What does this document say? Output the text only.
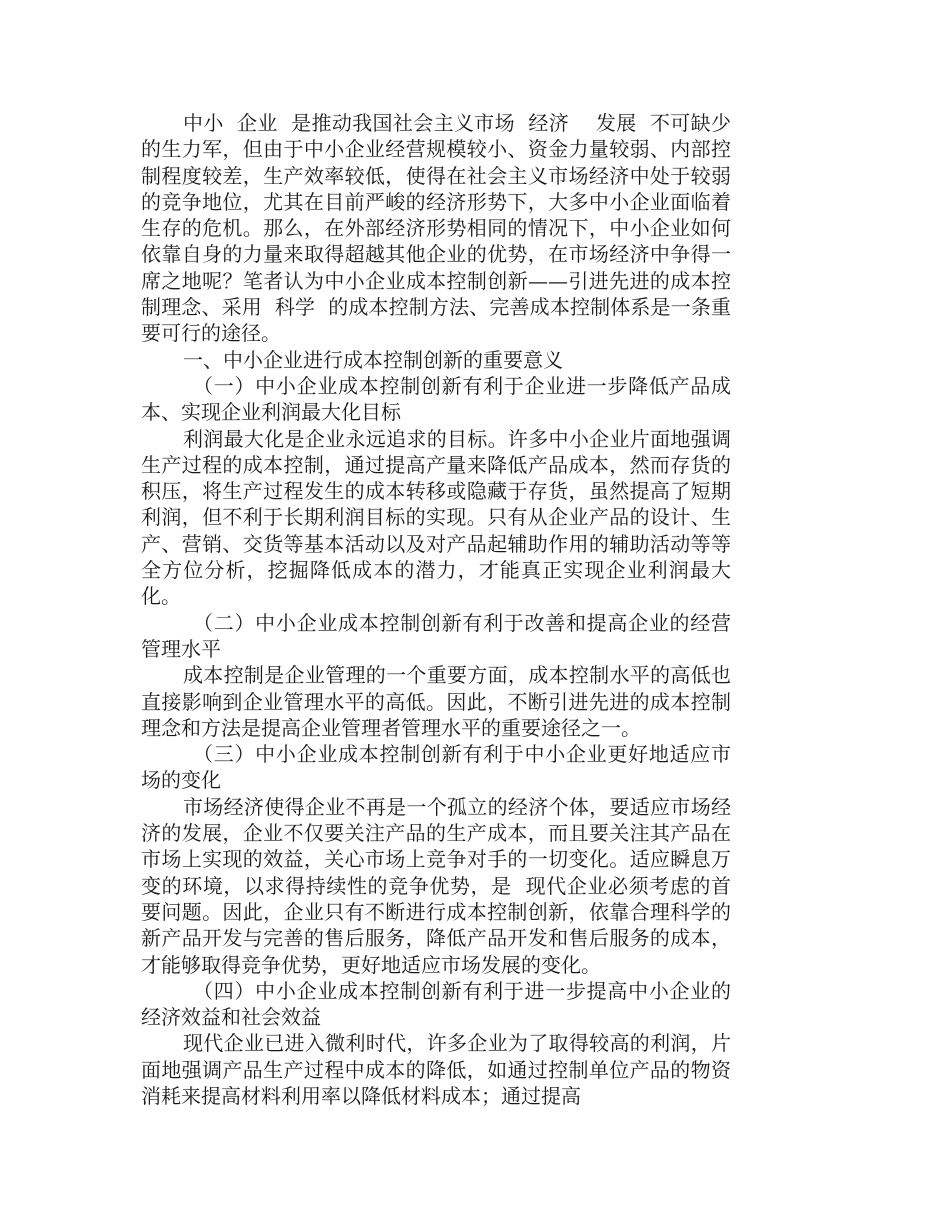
中小  企业  是推动我国社会主义市场  经济    发展  不可缺少的生力军，但由于中小企业经营规模较小、资金力量较弱、内部控制程度较差，生产效率较低，使得在社会主义市场经济中处于较弱的竞争地位，尤其在目前严峻的经济形势下，大多中小企业面临着生存的危机。那么，在外部经济形势相同的情况下，中小企业如何依靠自身的力量来取得超越其他企业的优势，在市场经济中争得一席之地呢？笔者认为中小企业成本控制创新——引进先进的成本控制理念、采用  科学  的成本控制方法、完善成本控制体系是一条重要可行的途径。

一、中小企业进行成本控制创新的重要意义

（一）中小企业成本控制创新有利于企业进一步降低产品成本、实现企业利润最大化目标

利润最大化是企业永远追求的目标。许多中小企业片面地强调生产过程的成本控制，通过提高产量来降低产品成本，然而存货的积压，将生产过程发生的成本转移或隐藏于存货，虽然提高了短期利润，但不利于长期利润目标的实现。只有从企业产品的设计、生产、营销、交货等基本活动以及对产品起辅助作用的辅助活动等等全方位分析，挖掘降低成本的潜力，才能真正实现企业利润最大化。

（二）中小企业成本控制创新有利于改善和提高企业的经营管理水平

成本控制是企业管理的一个重要方面，成本控制水平的高低也直接影响到企业管理水平的高低。因此，不断引进先进的成本控制理念和方法是提高企业管理者管理水平的重要途径之一。

（三）中小企业成本控制创新有利于中小企业更好地适应市场的变化

市场经济使得企业不再是一个孤立的经济个体，要适应市场经济的发展，企业不仅要关注产品的生产成本，而且要关注其产品在市场上实现的效益，关心市场上竞争对手的一切变化。适应瞬息万变的环境，以求得持续性的竞争优势，是  现代企业必须考虑的首要问题。因此，企业只有不断进行成本控制创新，依靠合理科学的新产品开发与完善的售后服务，降低产品开发和售后服务的成本，才能够取得竞争优势，更好地适应市场发展的变化。

（四）中小企业成本控制创新有利于进一步提高中小企业的经济效益和社会效益

现代企业已进入微利时代，许多企业为了取得较高的利润，片面地强调产品生产过程中成本的降低，如通过控制单位产品的物资消耗来提高材料利用率以降低材料成本；通过提高
